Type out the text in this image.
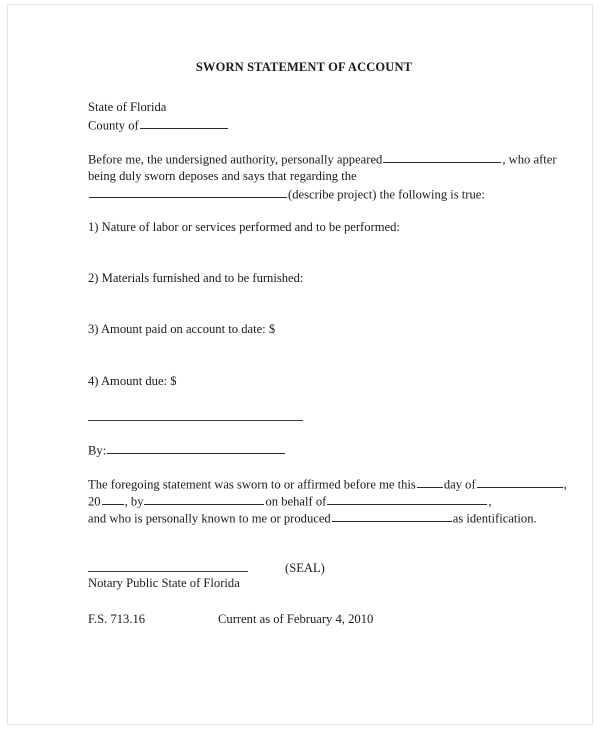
SWORN STATEMENT OF ACCOUNT
State of Florida
County of
Before me, the undersigned authority, personally appeared	, who after
being duly sworn deposes and says that regarding the
(describe project) the following is true:
1) Nature of labor or services performed and to be performed:
2) Materials furnished and to be furnished:
3) Amount paid on account to date: $
4) Amount due: $
By:
The foregoing statement was sworn to or affirmed before me this day of	,
20 , by	on behalf of	,
and who is personally known to me or produced	as identification.
(SEAL)
Notary Public State of Florida
F.S. 713.16	Current as of February 4, 2010
